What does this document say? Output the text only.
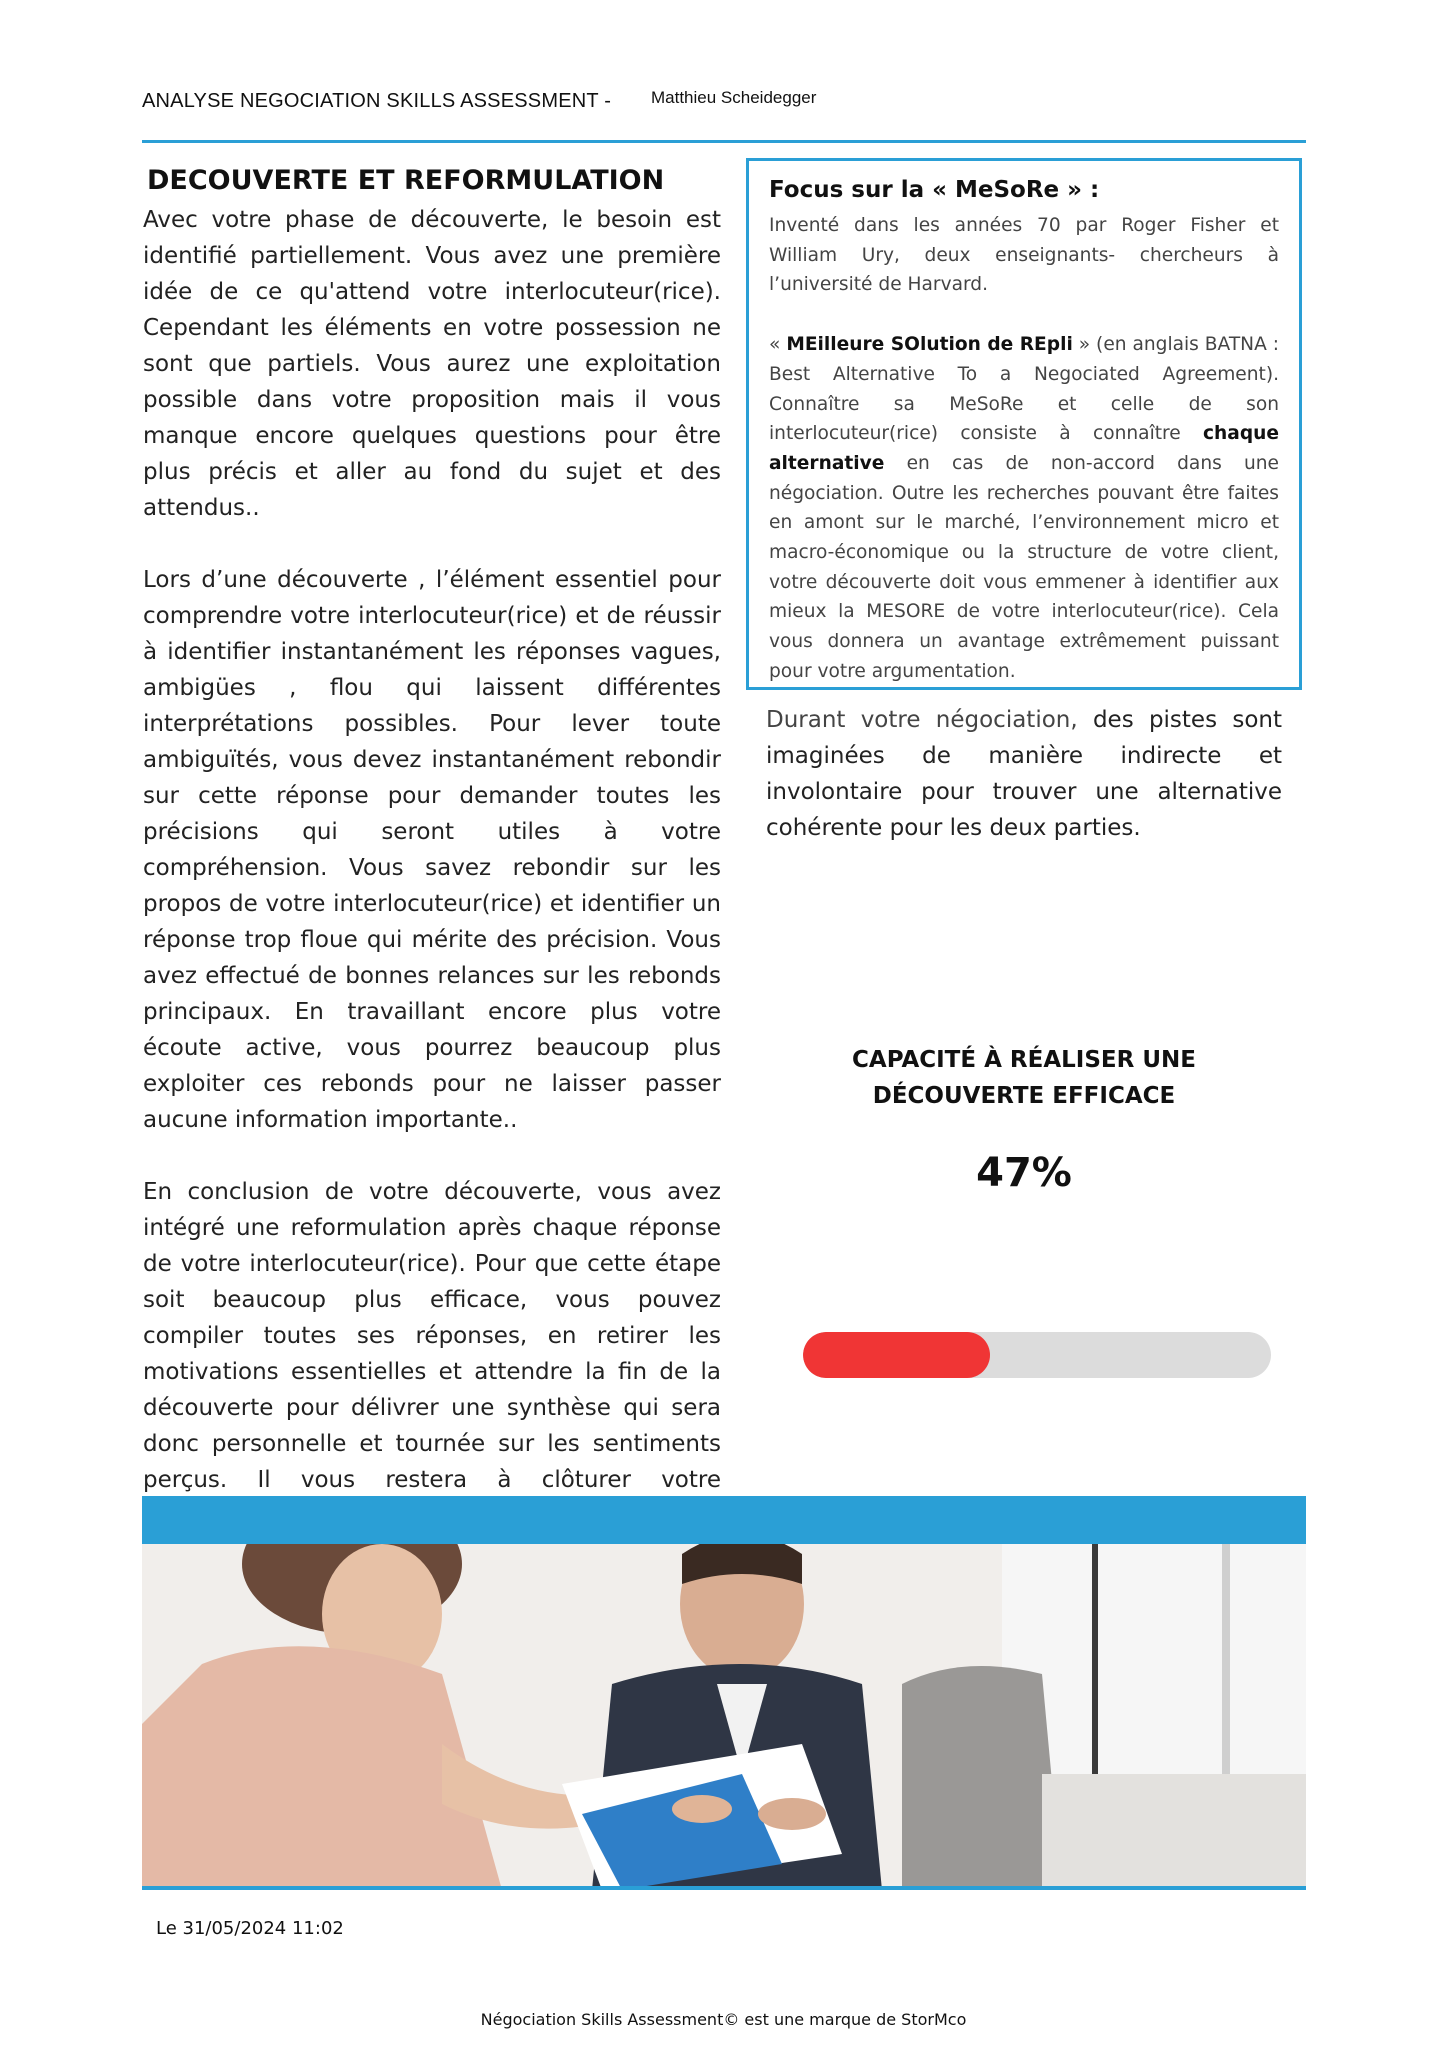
ANALYSE NEGOCIATION SKILLS ASSESSMENT - Matthieu Scheidegger
DECOUVERTE ET REFORMULATION

Avec votre phase de découverte, le besoin est identifié partiellement. Vous avez une première idée de ce qu'attend votre interlocuteur(rice). Cependant les éléments en votre possession ne sont que partiels. Vous aurez une exploitation possible dans votre proposition mais il vous manque encore quelques questions pour être plus précis et aller au fond du sujet et des attendus..

Lors d’une découverte , l’élément essentiel pour comprendre votre interlocuteur(rice) et de réussir à identifier instantanément les réponses vagues, ambigües , flou qui laissent différentes interprétations possibles. Pour lever toute ambiguïtés, vous devez instantanément rebondir sur cette réponse pour demander toutes les précisions qui seront utiles à votre compréhension. Vous savez rebondir sur les propos de votre interlocuteur(rice) et identifier un réponse trop floue qui mérite des précision. Vous avez effectué de bonnes relances sur les rebonds principaux. En travaillant encore plus votre écoute active, vous pourrez beaucoup plus exploiter ces rebonds pour ne laisser passer aucune information importante..

En conclusion de votre découverte, vous avez intégré une reformulation après chaque réponse de votre interlocuteur(rice). Pour que cette étape soit beaucoup plus efficace, vous pouvez compiler toutes ses réponses, en retirer les motivations essentielles et attendre la fin de la découverte pour délivrer une synthèse qui sera donc personnelle et tournée sur les sentiments perçus. Il vous restera à clôturer votre

Focus sur la « MeSoRe » :

Inventé dans les années 70 par Roger Fisher et William Ury, deux enseignants- chercheurs à l’université de Harvard.

« MEilleure SOlution de REpli » (en anglais BATNA : Best Alternative To a Negociated Agreement). Connaître sa MeSoRe et celle de son interlocuteur(rice) consiste à connaître chaque alternative en cas de non-accord dans une négociation. Outre les recherches pouvant être faites en amont sur le marché, l’environnement micro et macro-économique ou la structure de votre client, votre découverte doit vous emmener à identifier aux mieux la MESORE de votre interlocuteur(rice). Cela vous donnera un avantage extrêmement puissant pour votre argumentation.

Durant votre négociation, des pistes sont imaginées de manière indirecte et involontaire pour trouver une alternative cohérente pour les deux parties.

CAPACITÉ À RÉALISER UNE DÉCOUVERTE EFFICACE
47%
Le 31/05/2024 11:02
Négociation Skills Assessment© est une marque de StorMco
